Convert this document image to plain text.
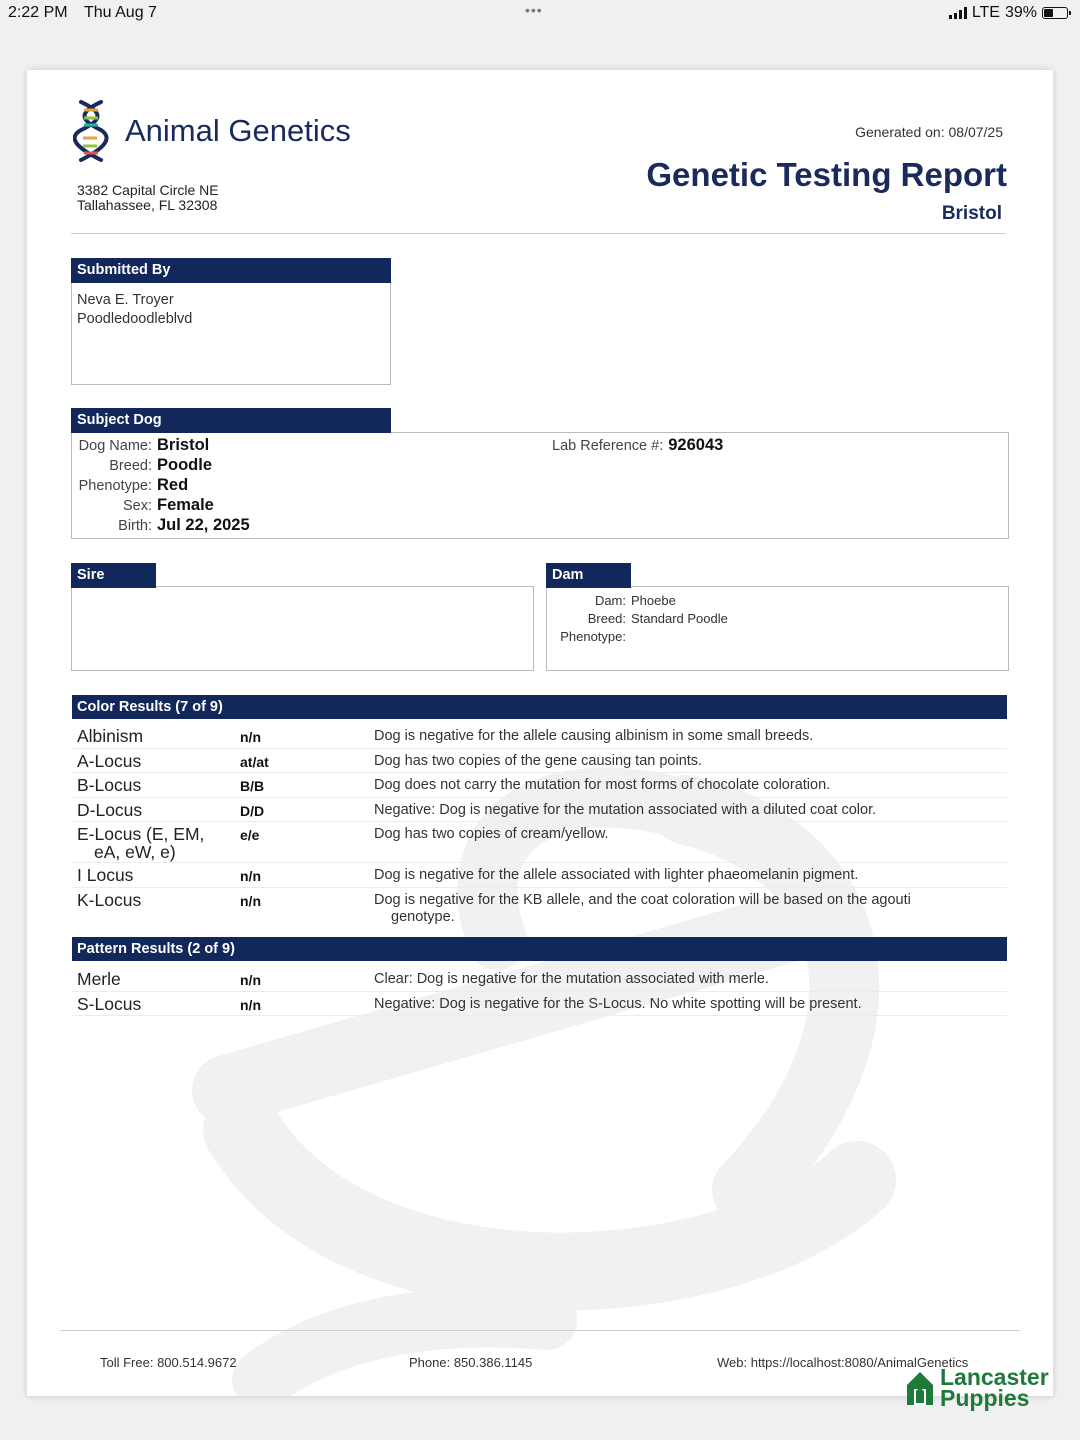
2:22 PM Thu Aug 7	•••	LTE 39%
Animal Genetics
3382 Capital Circle NE
Tallahassee, FL 32308
Generated on: 08/07/25
Genetic Testing Report
Bristol
Submitted By
Neva E. Troyer
Poodledoodleblvd
Subject Dog
Dog Name: Bristol
Breed: Poodle
Phenotype: Red
Sex: Female
Birth: Jul 22, 2025
Lab Reference #: 926043
Sire	Dam
Dam: Phoebe
Breed: Standard Poodle
Phenotype:
Color Results (7 of 9)
Albinism	n/n	Dog is negative for the allele causing albinism in some small breeds.
A-Locus	at/at	Dog has two copies of the gene causing tan points.
B-Locus	B/B	Dog does not carry the mutation for most forms of chocolate coloration.
D-Locus	D/D	Negative: Dog is negative for the mutation associated with a diluted coat color.
E-Locus (E, EM,
eA, eW, e)
e/e	Dog has two copies of cream/yellow.
I Locus	n/n	Dog is negative for the allele associated with lighter phaeomelanin pigment.
K-Locus	n/n	Dog is negative for the KB allele, and the coat coloration will be based on the agouti
genotype.
Pattern Results (2 of 9)
Merle	n/n	Clear: Dog is negative for the mutation associated with merle.
S-Locus	n/n	Negative: Dog is negative for the S-Locus. No white spotting will be present.
Toll Free: 800.514.9672	Phone: 850.386.1145	Web: https://localhost:8080/AnimalGenetics
Lancaster
Puppies
